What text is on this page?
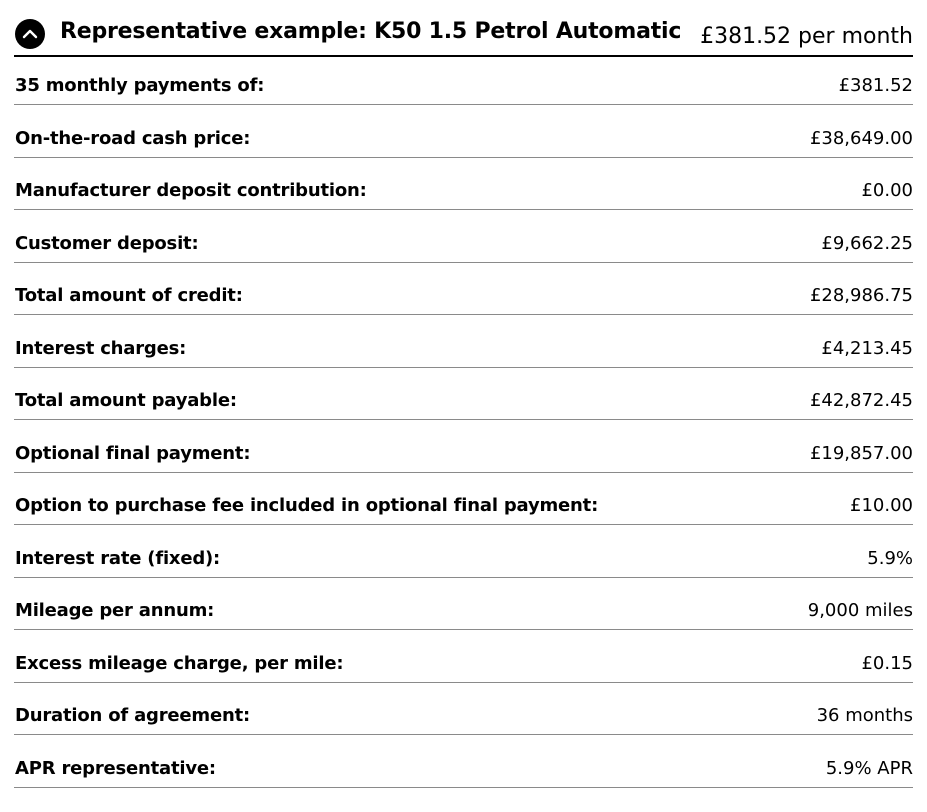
Representative example: K50 1.5 Petrol Automatic £381.52 per month
35 monthly payments of:	£381.52
On-the-road cash price:	£38,649.00
Manufacturer deposit contribution:	£0.00
Customer deposit:	£9,662.25
Total amount of credit:	£28,986.75
Interest charges:	£4,213.45
Total amount payable:	£42,872.45
Optional final payment:	£19,857.00
Option to purchase fee included in optional final payment:	£10.00
Interest rate (fixed):	5.9%
Mileage per annum:	9,000 miles
Excess mileage charge, per mile:	£0.15
Duration of agreement:	36 months
APR representative:	5.9% APR
